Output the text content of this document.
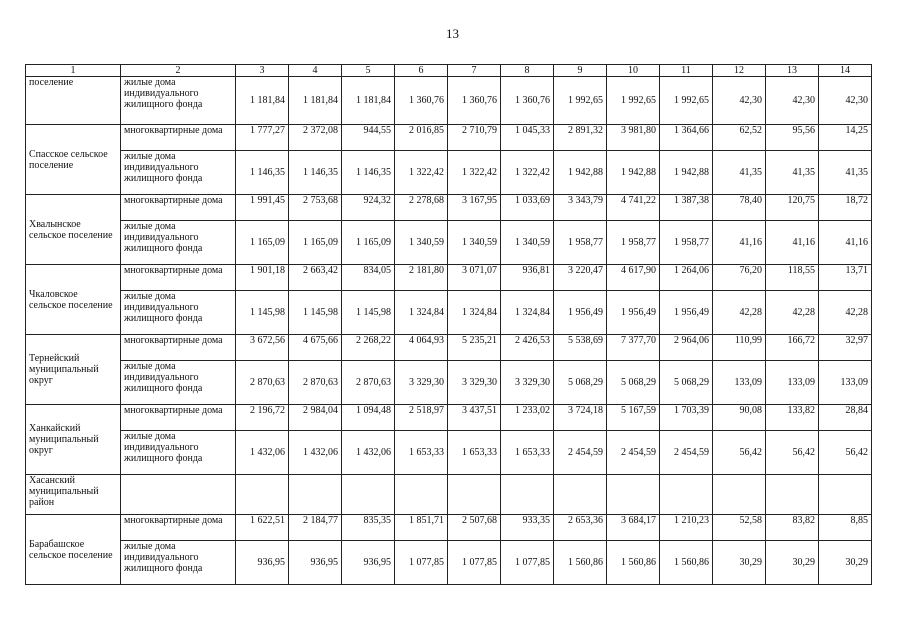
13
1	2	3	4	5	6	7	8	9	10	11	12	13	14
поселение	жилые дома индивидуального жилищного фонда	1 181,84	1 181,84	1 181,84	1 360,76	1 360,76	1 360,76	1 992,65	1 992,65	1 992,65	42,30	42,30	42,30
Спасское сельское поселение	многоквартирные дома	1 777,27	2 372,08	944,55	2 016,85	2 710,79	1 045,33	2 891,32	3 981,80	1 364,66	62,52	95,56	14,25
	жилые дома индивидуального жилищного фонда	1 146,35	1 146,35	1 146,35	1 322,42	1 322,42	1 322,42	1 942,88	1 942,88	1 942,88	41,35	41,35	41,35
Хвалынское сельское поселение	многоквартирные дома	1 991,45	2 753,68	924,32	2 278,68	3 167,95	1 033,69	3 343,79	4 741,22	1 387,38	78,40	120,75	18,72
	жилые дома индивидуального жилищного фонда	1 165,09	1 165,09	1 165,09	1 340,59	1 340,59	1 340,59	1 958,77	1 958,77	1 958,77	41,16	41,16	41,16
Чкаловское сельское поселение	многоквартирные дома	1 901,18	2 663,42	834,05	2 181,80	3 071,07	936,81	3 220,47	4 617,90	1 264,06	76,20	118,55	13,71
	жилые дома индивидуального жилищного фонда	1 145,98	1 145,98	1 145,98	1 324,84	1 324,84	1 324,84	1 956,49	1 956,49	1 956,49	42,28	42,28	42,28
Тернейский муниципальный округ	многоквартирные дома	3 672,56	4 675,66	2 268,22	4 064,93	5 235,21	2 426,53	5 538,69	7 377,70	2 964,06	110,99	166,72	32,97
	жилые дома индивидуального жилищного фонда	2 870,63	2 870,63	2 870,63	3 329,30	3 329,30	3 329,30	5 068,29	5 068,29	5 068,29	133,09	133,09	133,09
Ханкайский муниципальный округ	многоквартирные дома	2 196,72	2 984,04	1 094,48	2 518,97	3 437,51	1 233,02	3 724,18	5 167,59	1 703,39	90,08	133,82	28,84
	жилые дома индивидуального жилищного фонда	1 432,06	1 432,06	1 432,06	1 653,33	1 653,33	1 653,33	2 454,59	2 454,59	2 454,59	56,42	56,42	56,42
Хасанский муниципальный район													
Барабашское сельское поселение	многоквартирные дома	1 622,51	2 184,77	835,35	1 851,71	2 507,68	933,35	2 653,36	3 684,17	1 210,23	52,58	83,82	8,85
	жилые дома индивидуального жилищного фонда	936,95	936,95	936,95	1 077,85	1 077,85	1 077,85	1 560,86	1 560,86	1 560,86	30,29	30,29	30,29
